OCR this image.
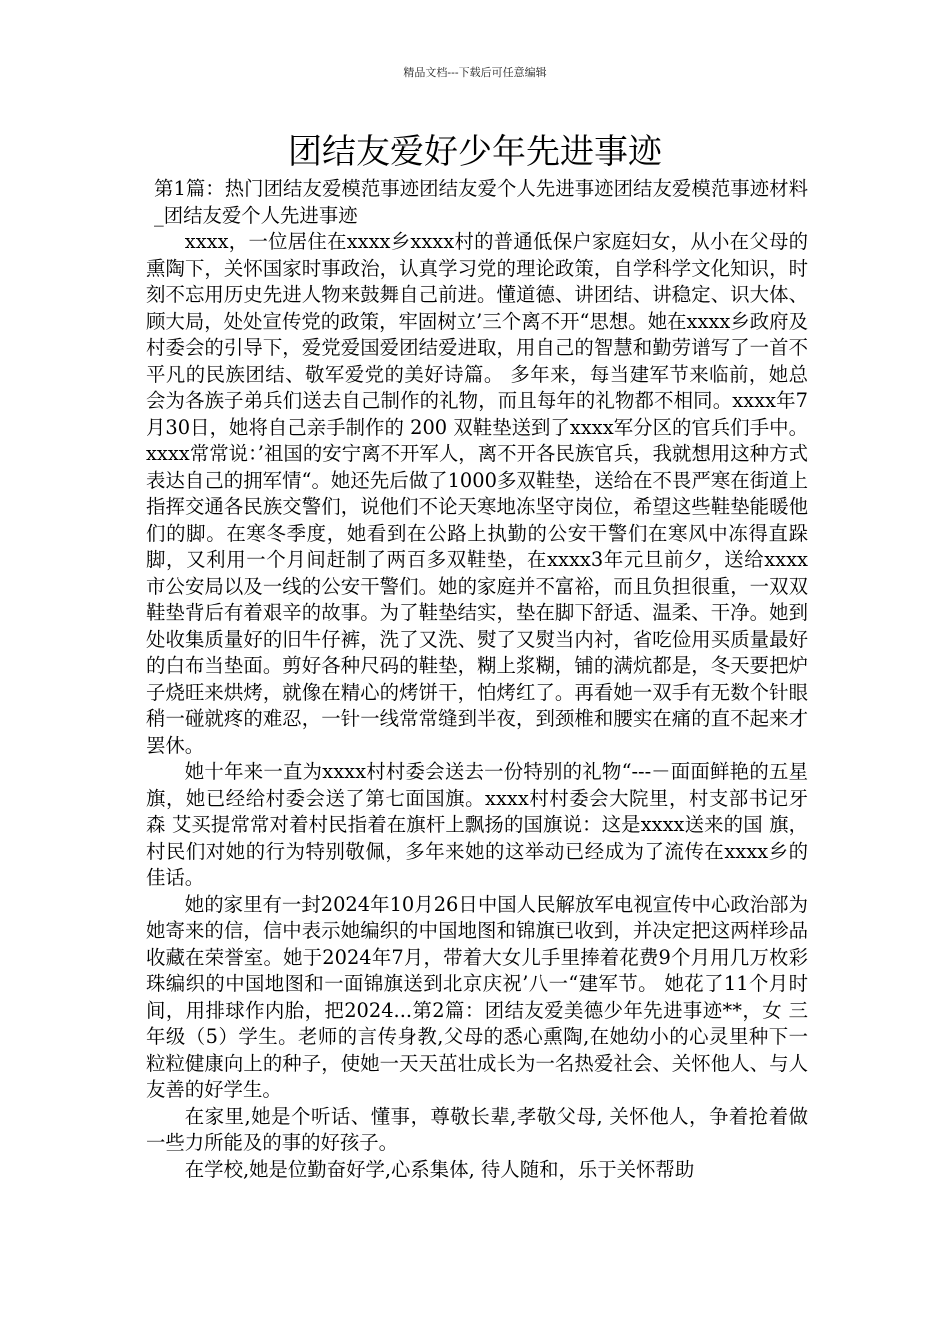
精品文档---下载后可任意编辑
团结友爱好少年先进事迹

第1篇：热门团结友爱模范事迹团结友爱个人先进事迹团结友爱模范事迹材料_团结友爱个人先进事迹

xxxx，一位居住在xxxx乡xxxx村的普通低保户家庭妇女，从小在父母的熏陶下，关怀国家时事政治，认真学习党的理论政策，自学科学文化知识，时刻不忘用历史先进人物来鼓舞自己前进。懂道德、讲团结、讲稳定、识大体、顾大局，处处宣传党的政策，牢固树立’三个离不开“思想。她在xxxx乡政府及村委会的引导下，爱党爱国爱团结爱进取，用自己的智慧和勤劳谱写了一首不平凡的民族团结、敬军爱党的美好诗篇。 多年来，每当建军节来临前，她总会为各族子弟兵们送去自己制作的礼物，而且每年的礼物都不相同。xxxx年7月30日，她将自己亲手制作的 200 双鞋垫送到了xxxx军分区的官兵们手中。xxxx常常说：’祖国的安宁离不开军人，离不开各民族官兵，我就想用这种方式表达自己的拥军情“。她还先后做了1000多双鞋垫，送给在不畏严寒在街道上指挥交通各民族交警们，说他们不论天寒地冻坚守岗位，希望这些鞋垫能暖他们的脚。在寒冬季度，她看到在公路上执勤的公安干警们在寒风中冻得直跺脚，又利用一个月间赶制了两百多双鞋垫，在xxxx3年元旦前夕，送给xxxx市公安局以及一线的公安干警们。她的家庭并不富裕，而且负担很重，一双双鞋垫背后有着艰辛的故事。为了鞋垫结实，垫在脚下舒适、温柔、干净。她到处收集质量好的旧牛仔裤，洗了又洗、熨了又熨当内衬，省吃俭用买质量最好的白布当垫面。剪好各种尺码的鞋垫，糊上浆糊，铺的满炕都是，冬天要把炉子烧旺来烘烤，就像在精心的烤饼干，怕烤红了。再看她一双手有无数个针眼稍一碰就疼的难忍，一针一线常常缝到半夜，到颈椎和腰实在痛的直不起来才罢休。

她十年来一直为xxxx村村委会送去一份特别的礼物“---－面面鲜艳的五星旗，她已经给村委会送了第七面国旗。xxxx村村委会大院里，村支部书记牙森 艾买提常常对着村民指着在旗杆上飘扬的国旗说：这是xxxx送来的国 旗，村民们对她的行为特别敬佩，多年来她的这举动已经成为了流传在xxxx乡的佳话。

她的家里有一封2024年10月26日中国人民解放军电视宣传中心政治部为她寄来的信，信中表示她编织的中国地图和锦旗已收到，并决定把这两样珍品收藏在荣誉室。她于2024年7月，带着大女儿手里捧着花费9个月用几万枚彩珠编织的中国地图和一面锦旗送到北京庆祝’八一“建军节。 她花了11个月时间，用排球作内胎，把2024...第2篇：团结友爱美德少年先进事迹**，女 三年级（5）学生。老师的言传身教,父母的悉心熏陶,在她幼小的心灵里种下一粒粒健康向上的种子，使她一天天茁壮成长为一名热爱社会、关怀他人、与人友善的好学生。

在家里,她是个听话、懂事，尊敬长辈,孝敬父母, 关怀他人，争着抢着做一些力所能及的事的好孩子。

在学校,她是位勤奋好学,心系集体, 待人随和，乐于关怀帮助
